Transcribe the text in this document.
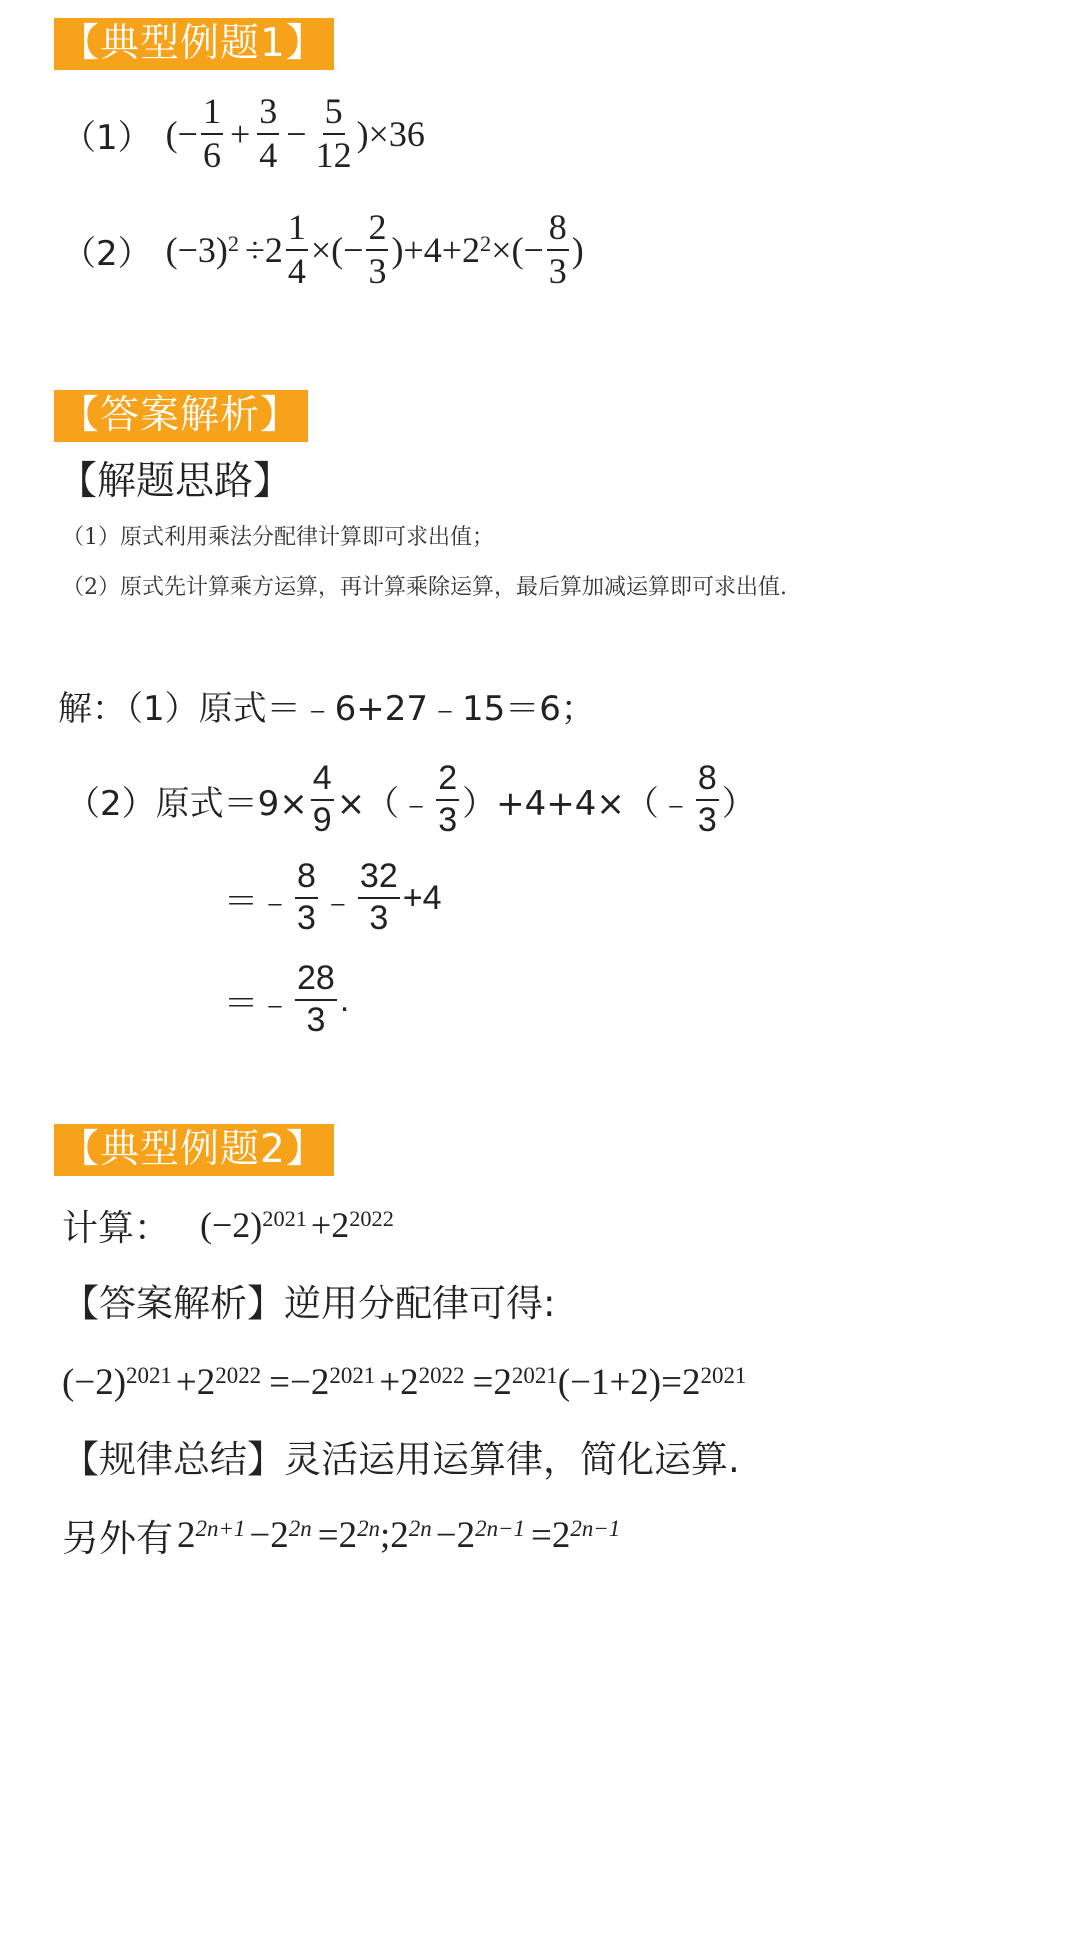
【典型例题1】
（1） (− $\frac{1}{6} + \frac{3}{4} - \frac{5}{12} )\times 36$
（2） $(-3)^2 \div 2 \frac{1}{4}$ ×(− $\frac{2}{3} )+4+2^2$ ×(− $\frac{8}{3}$ )
【答案解析】
【解题思路】
（1）原式利用乘法分配律计算即可求出值；
（2）原式先计算乘方运算，再计算乘除运算，最后算加减运算即可求出值.
解：（1）原式＝﹣6+27﹣15＝6；
（2）原式$=9\times \frac{4}{9}$ ×（﹣ $\frac{2}{3}$ ）+4+4×（﹣ $\frac{8}{3}$ ）
＝﹣ $\frac{8}{3}$ ﹣ $\frac{32}{3} +4$
＝﹣ $\frac{28}{3}$ .
【典型例题2】
计算： $(-2)^{2021} +2^{2022}$
【答案解析】逆用分配律可得:
$(-2)^{2021} +2^{2022} =-2^{2021} +2^{2022} =2^{2021}$ $(-1+2)=2^{2021}$
【规律总结】灵活运用运算律，简化运算.
另外有 $2^{2n+1} -2^{2n} =2^{2n}$ $;2^{2n} -2^{2n-1} =2^{2n-1}$
